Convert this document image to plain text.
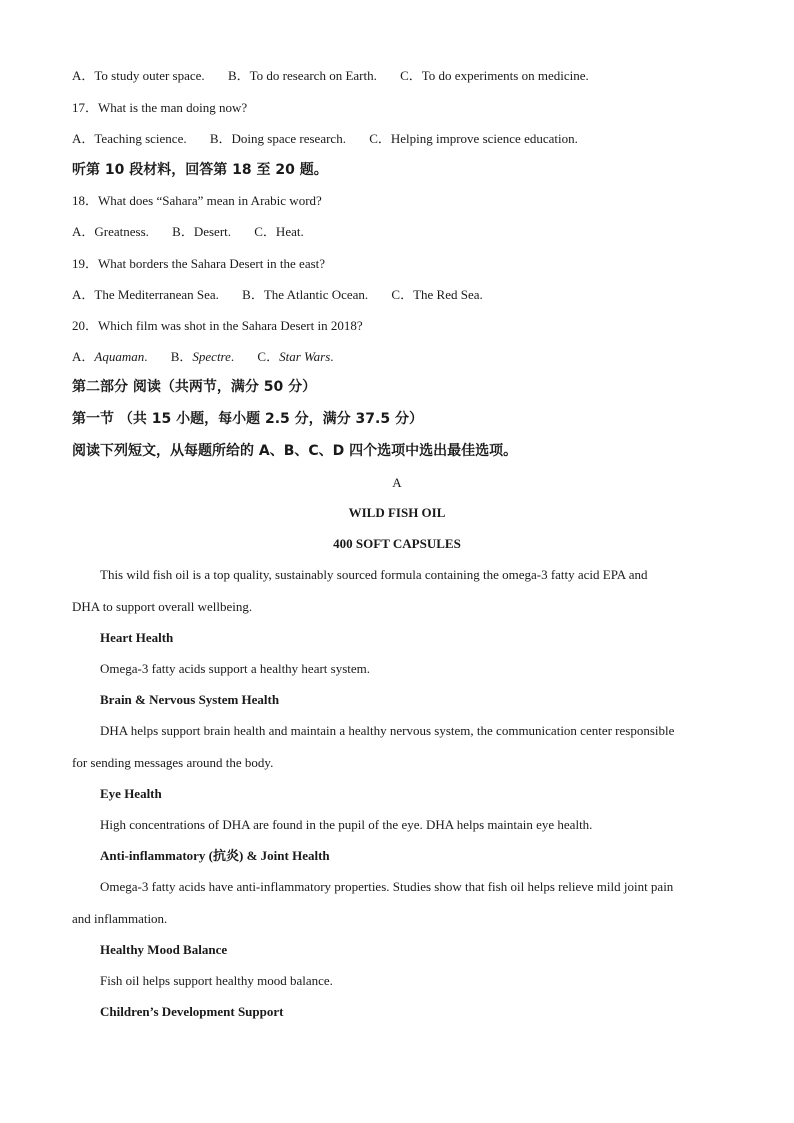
A．To study outer space. B．To do research on Earth. C．To do experiments on medicine.
17．What is the man doing now?
A．Teaching science. B．Doing space research. C．Helping improve science education.
听第 10 段材料，回答第 18 至 20 题。
18．What does “Sahara” mean in Arabic word?
A．Greatness. B．Desert. C．Heat.
19．What borders the Sahara Desert in the east?
A．The Mediterranean Sea. B．The Atlantic Ocean. C．The Red Sea.
20．Which film was shot in the Sahara Desert in 2018?
A．Aquaman. B．Spectre. C．Star Wars.
第二部分 阅读（共两节，满分 50 分）
第一节 （共 15 小题，每小题 2.5 分，满分 37.5 分）
阅读下列短文，从每题所给的 A、B、C、D 四个选项中选出最佳选项。
A
WILD FISH OIL
400 SOFT CAPSULES
This wild fish oil is a top quality, sustainably sourced formula containing the omega-3 fatty acid EPA and
DHA to support overall wellbeing.
Heart Health
Omega-3 fatty acids support a healthy heart system.
Brain & Nervous System Health
DHA helps support brain health and maintain a healthy nervous system, the communication center responsible
for sending messages around the body.
Eye Health
High concentrations of DHA are found in the pupil of the eye. DHA helps maintain eye health.
Anti-inflammatory (抗炎) & Joint Health
Omega-3 fatty acids have anti-inflammatory properties. Studies show that fish oil helps relieve mild joint pain
and inflammation.
Healthy Mood Balance
Fish oil helps support healthy mood balance.
Children’s Development Support
